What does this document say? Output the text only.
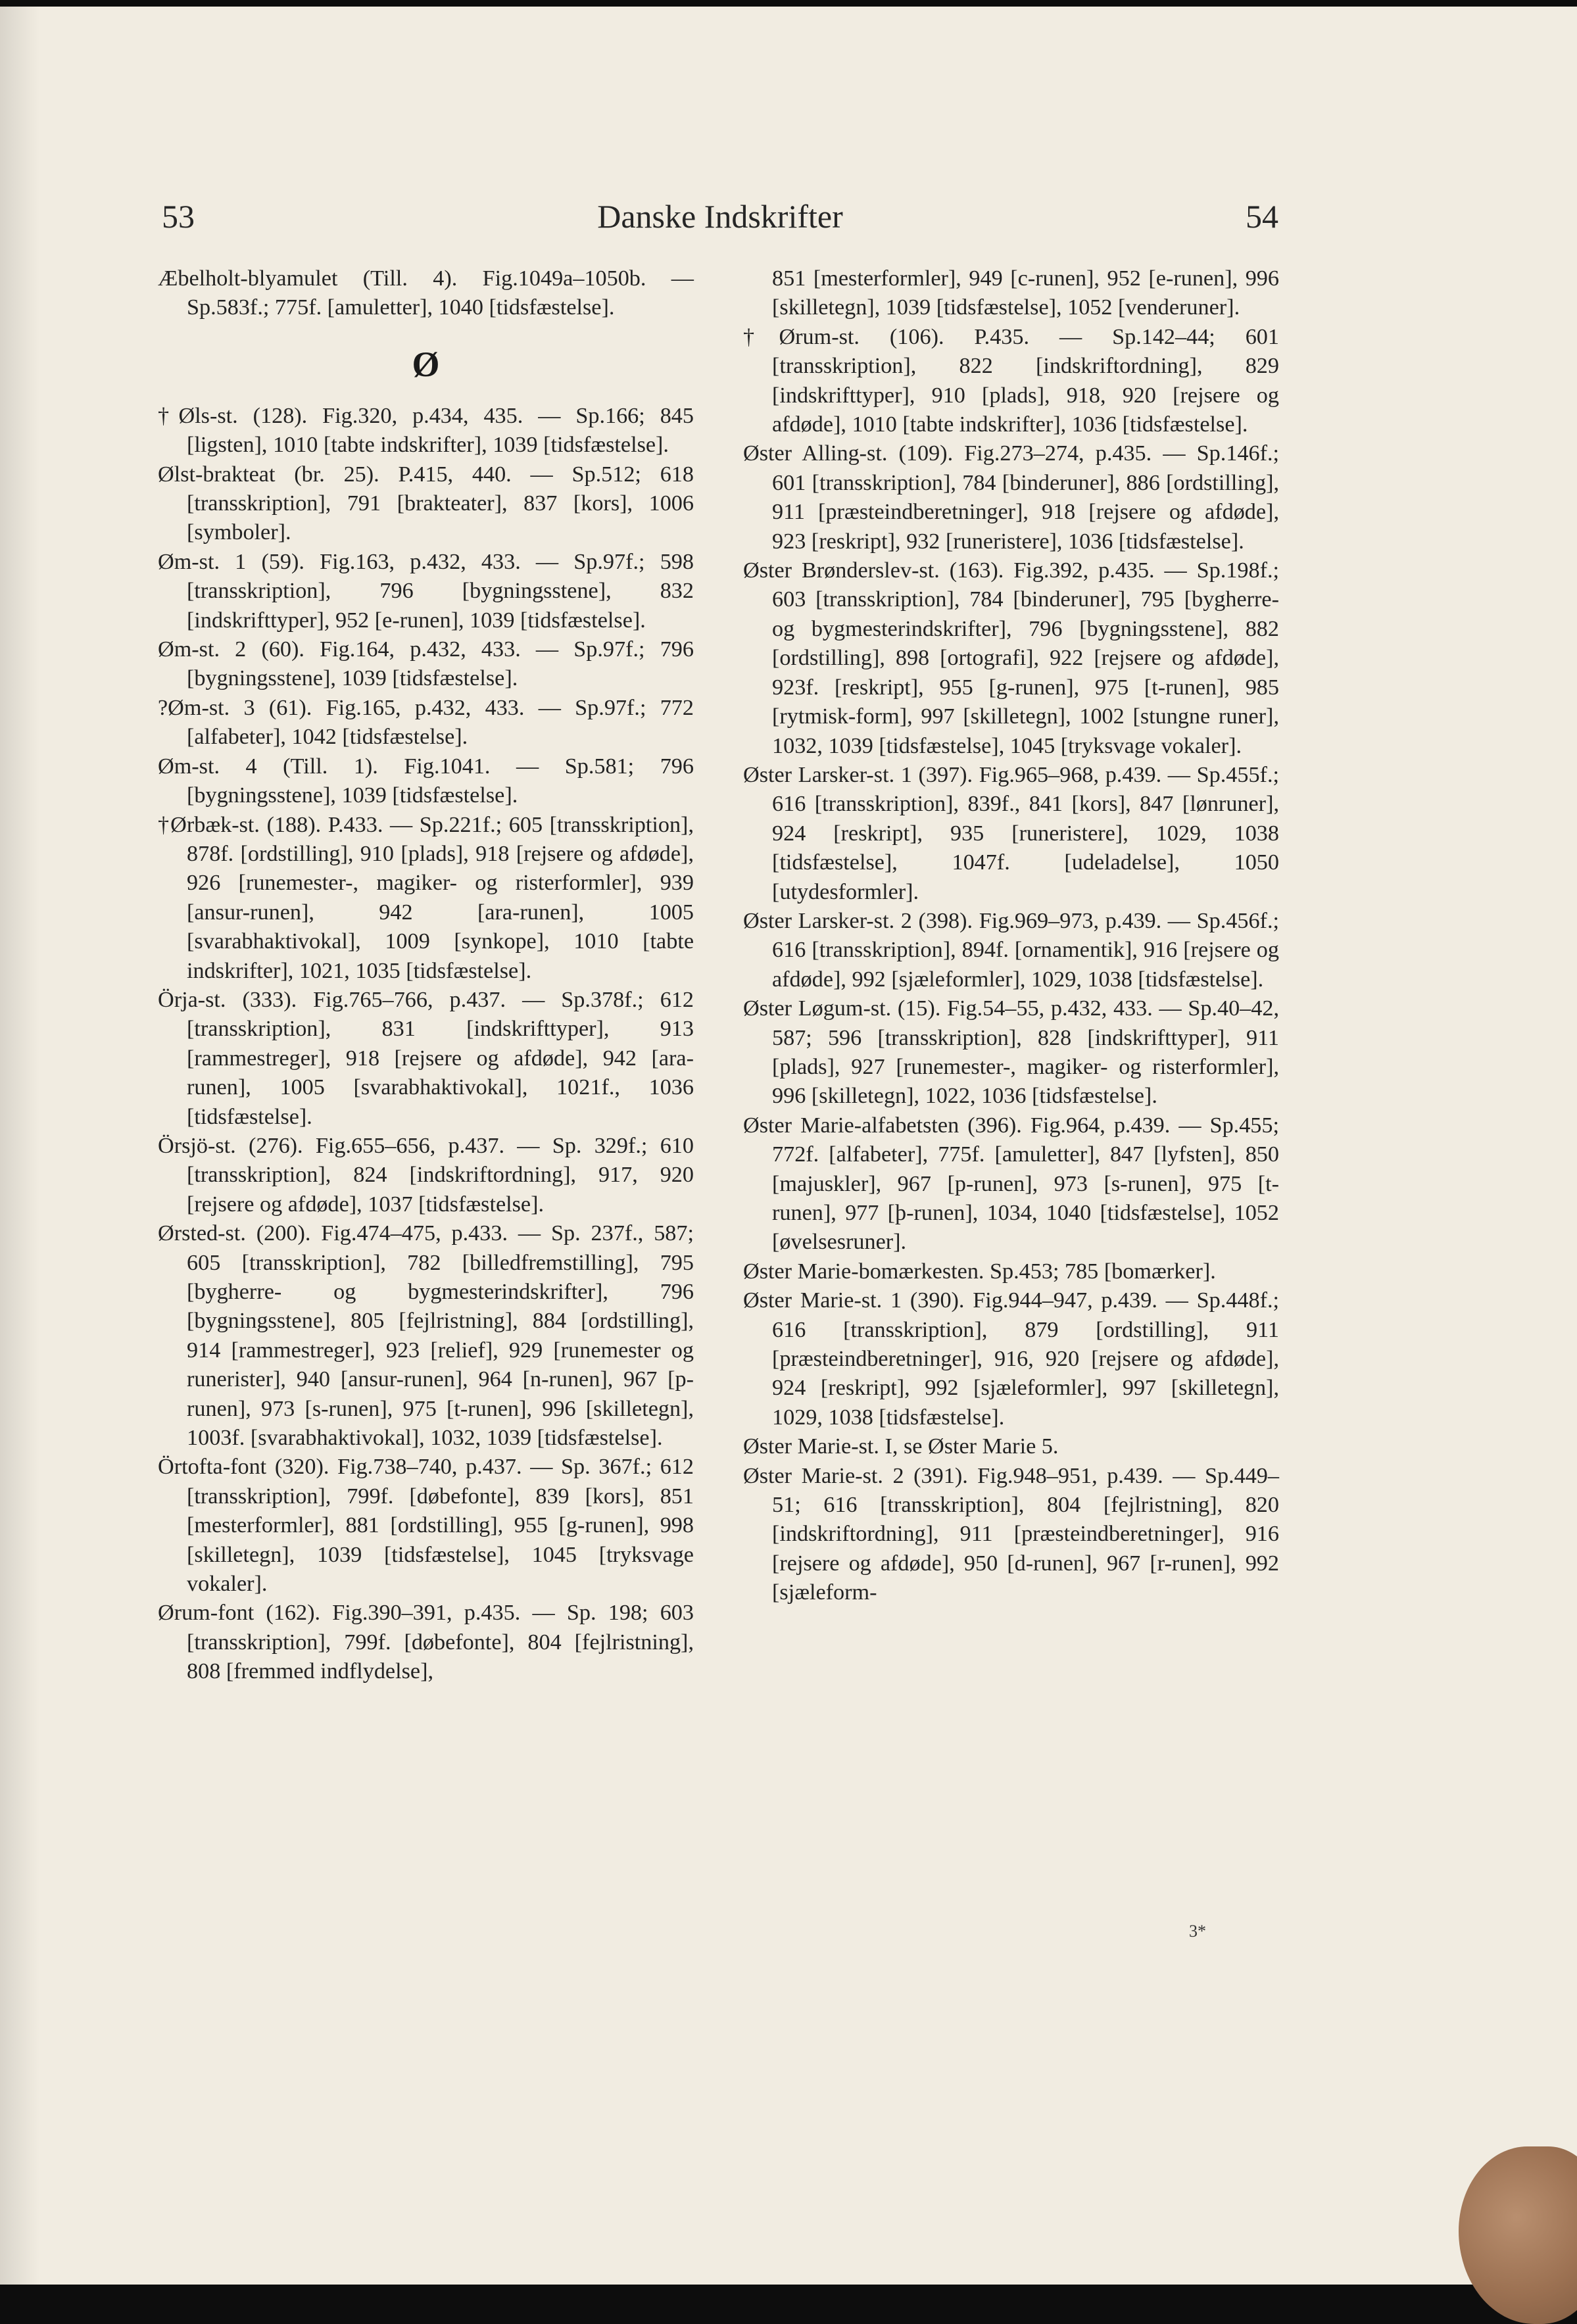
53	Danske Indskrifter	54

Æbelholt-blyamulet (Till. 4). Fig.1049a–1050b. — Sp.583f.; 775f. [amuletter], 1040 [tidsfæstelse].

Ø

†Øls-st. (128). Fig.320, p.434, 435. — Sp.166; 845 [ligsten], 1010 [tabte indskrifter], 1039 [tidsfæstelse].

Ølst-brakteat (br. 25). P.415, 440. — Sp.512; 618 [transskription], 791 [brakteater], 837 [kors], 1006 [symboler].

Øm-st. 1 (59). Fig.163, p.432, 433. — Sp.97f.; 598 [transskription], 796 [bygningsstene], 832 [indskrifttyper], 952 [e-runen], 1039 [tidsfæstelse].

Øm-st. 2 (60). Fig.164, p.432, 433. — Sp.97f.; 796 [bygningsstene], 1039 [tidsfæstelse].

?Øm-st. 3 (61). Fig.165, p.432, 433. — Sp.97f.; 772 [alfabeter], 1042 [tidsfæstelse].

Øm-st. 4 (Till. 1). Fig.1041. — Sp.581; 796 [bygningsstene], 1039 [tidsfæstelse].

†Ørbæk-st. (188). P.433. — Sp.221f.; 605 [transskription], 878f. [ordstilling], 910 [plads], 918 [rejsere og afdøde], 926 [runemester-, magiker- og risterformler], 939 [ansur-runen], 942 [ara-runen], 1005 [svarabhaktivokal], 1009 [synkope], 1010 [tabte indskrifter], 1021, 1035 [tidsfæstelse].

Örja-st. (333). Fig.765–766, p.437. — Sp.378f.; 612 [transskription], 831 [indskrifttyper], 913 [rammestreger], 918 [rejsere og afdøde], 942 [ara-runen], 1005 [svarabhaktivokal], 1021f., 1036 [tidsfæstelse].

Örsjö-st. (276). Fig.655–656, p.437. — Sp. 329f.; 610 [transskription], 824 [indskriftordning], 917, 920 [rejsere og afdøde], 1037 [tidsfæstelse].

Ørsted-st. (200). Fig.474–475, p.433. — Sp. 237f., 587; 605 [transskription], 782 [billedfremstilling], 795 [bygherre- og bygmesterindskrifter], 796 [bygningsstene], 805 [fejlristning], 884 [ordstilling], 914 [rammestreger], 923 [relief], 929 [runemester og runerister], 940 [ansur-runen], 964 [n-runen], 967 [p-runen], 973 [s-runen], 975 [t-runen], 996 [skilletegn], 1003f. [svarabhaktivokal], 1032, 1039 [tidsfæstelse].

Örtofta-font (320). Fig.738–740, p.437. — Sp. 367f.; 612 [transskription], 799f. [døbefonte], 839 [kors], 851 [mesterformler], 881 [ordstilling], 955 [g-runen], 998 [skilletegn], 1039 [tidsfæstelse], 1045 [tryksvage vokaler].

Ørum-font (162). Fig.390–391, p.435. — Sp. 198; 603 [transskription], 799f. [døbefonte], 804 [fejlristning], 808 [fremmed indflydelse],

851 [mesterformler], 949 [c-runen], 952 [e-runen], 996 [skilletegn], 1039 [tidsfæstelse], 1052 [venderuner].

†Ørum-st. (106). P.435. — Sp.142–44; 601 [transskription], 822 [indskriftordning], 829 [indskrifttyper], 910 [plads], 918, 920 [rejsere og afdøde], 1010 [tabte indskrifter], 1036 [tidsfæstelse].

Øster Alling-st. (109). Fig.273–274, p.435. — Sp.146f.; 601 [transskription], 784 [binderuner], 886 [ordstilling], 911 [præsteindberetninger], 918 [rejsere og afdøde], 923 [reskript], 932 [runeristere], 1036 [tidsfæstelse].

Øster Brønderslev-st. (163). Fig.392, p.435. — Sp.198f.; 603 [transskription], 784 [binderuner], 795 [bygherre- og bygmesterindskrifter], 796 [bygningsstene], 882 [ordstilling], 898 [ortografi], 922 [rejsere og afdøde], 923f. [reskript], 955 [g-runen], 975 [t-runen], 985 [rytmisk-form], 997 [skilletegn], 1002 [stungne runer], 1032, 1039 [tidsfæstelse], 1045 [tryksvage vokaler].

Øster Larsker-st. 1 (397). Fig.965–968, p.439. — Sp.455f.; 616 [transskription], 839f., 841 [kors], 847 [lønruner], 924 [reskript], 935 [runeristere], 1029, 1038 [tidsfæstelse], 1047f. [udeladelse], 1050 [utydesformler].

Øster Larsker-st. 2 (398). Fig.969–973, p.439. — Sp.456f.; 616 [transskription], 894f. [ornamentik], 916 [rejsere og afdøde], 992 [sjæleformler], 1029, 1038 [tidsfæstelse].

Øster Løgum-st. (15). Fig.54–55, p.432, 433. — Sp.40–42, 587; 596 [transskription], 828 [indskrifttyper], 911 [plads], 927 [runemester-, magiker- og risterformler], 996 [skilletegn], 1022, 1036 [tidsfæstelse].

Øster Marie-alfabetsten (396). Fig.964, p.439. — Sp.455; 772f. [alfabeter], 775f. [amuletter], 847 [lyfsten], 850 [majuskler], 967 [p-runen], 973 [s-runen], 975 [t-runen], 977 [þ-runen], 1034, 1040 [tidsfæstelse], 1052 [øvelsesruner].

Øster Marie-bomærkesten. Sp.453; 785 [bomærker].

Øster Marie-st. 1 (390). Fig.944–947, p.439. — Sp.448f.; 616 [transskription], 879 [ordstilling], 911 [præsteindberetninger], 916, 920 [rejsere og afdøde], 924 [reskript], 992 [sjæleformler], 997 [skilletegn], 1029, 1038 [tidsfæstelse].

Øster Marie-st. I, se Øster Marie 5.

Øster Marie-st. 2 (391). Fig.948–951, p.439. — Sp.449–51; 616 [transskription], 804 [fejlristning], 820 [indskriftordning], 911 [præsteindberetninger], 916 [rejsere og afdøde], 950 [d-runen], 967 [r-runen], 992 [sjæleform-

3*
